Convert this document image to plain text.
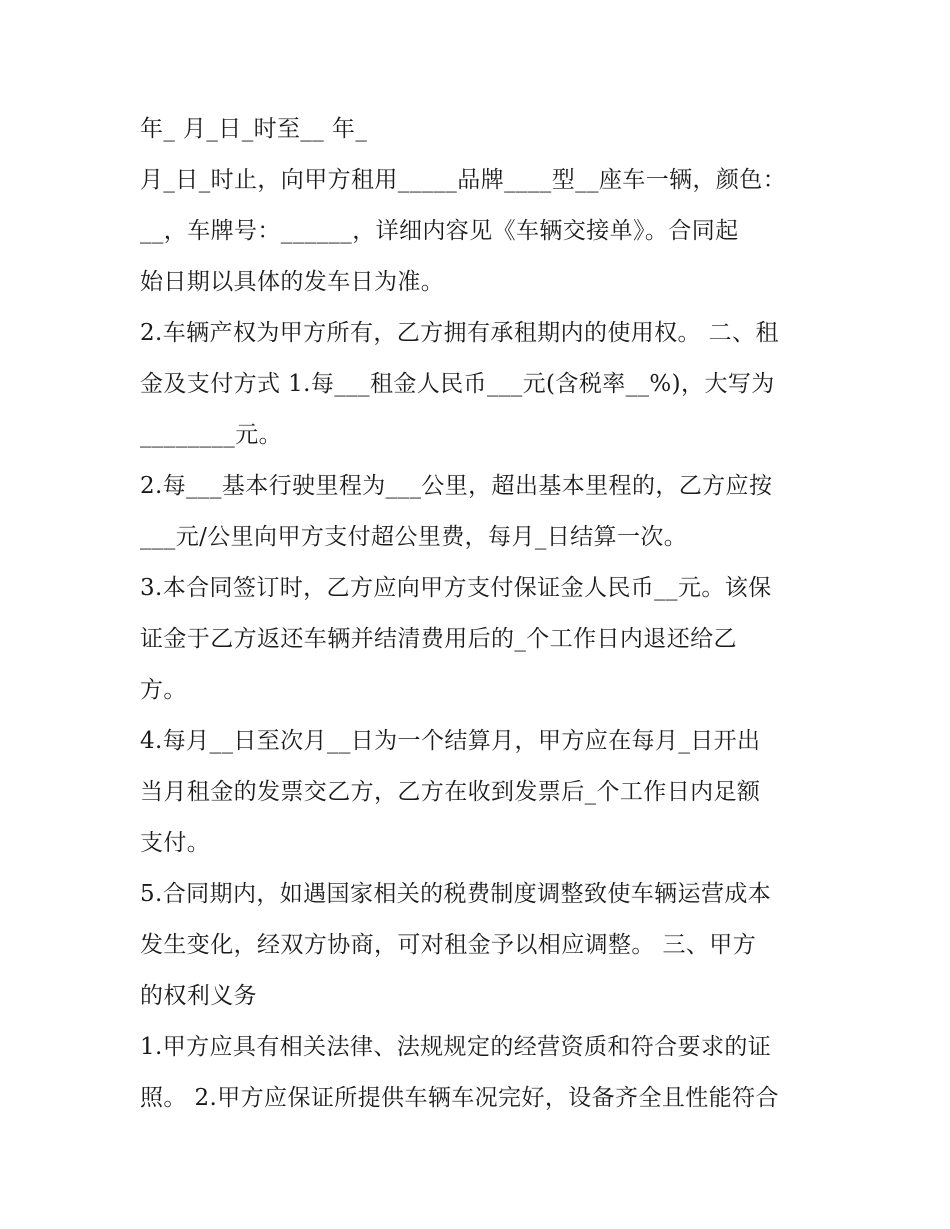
年_ 月_日_时至__ 年_
月_日_时止，向甲方租用_____品牌____型__座车一辆，颜色：
__，车牌号：______，详细内容见《车辆交接单》。合同起
始日期以具体的发车日为准。
2.车辆产权为甲方所有，乙方拥有承租期内的使用权。 二、租
金及支付方式 1.每___租金人民币___元(含税率__%)，大写为
________元。
2.每___基本行驶里程为___公里，超出基本里程的，乙方应按
___元/公里向甲方支付超公里费，每月_日结算一次。
3.本合同签订时，乙方应向甲方支付保证金人民币__元。该保
证金于乙方返还车辆并结清费用后的_个工作日内退还给乙
方。
4.每月__日至次月__日为一个结算月，甲方应在每月_日开出
当月租金的发票交乙方，乙方在收到发票后_个工作日内足额
支付。
5.合同期内，如遇国家相关的税费制度调整致使车辆运营成本
发生变化，经双方协商，可对租金予以相应调整。 三、甲方
的权利义务
1.甲方应具有相关法律、法规规定的经营资质和符合要求的证
照。 2.甲方应保证所提供车辆车况完好，设备齐全且性能符合
